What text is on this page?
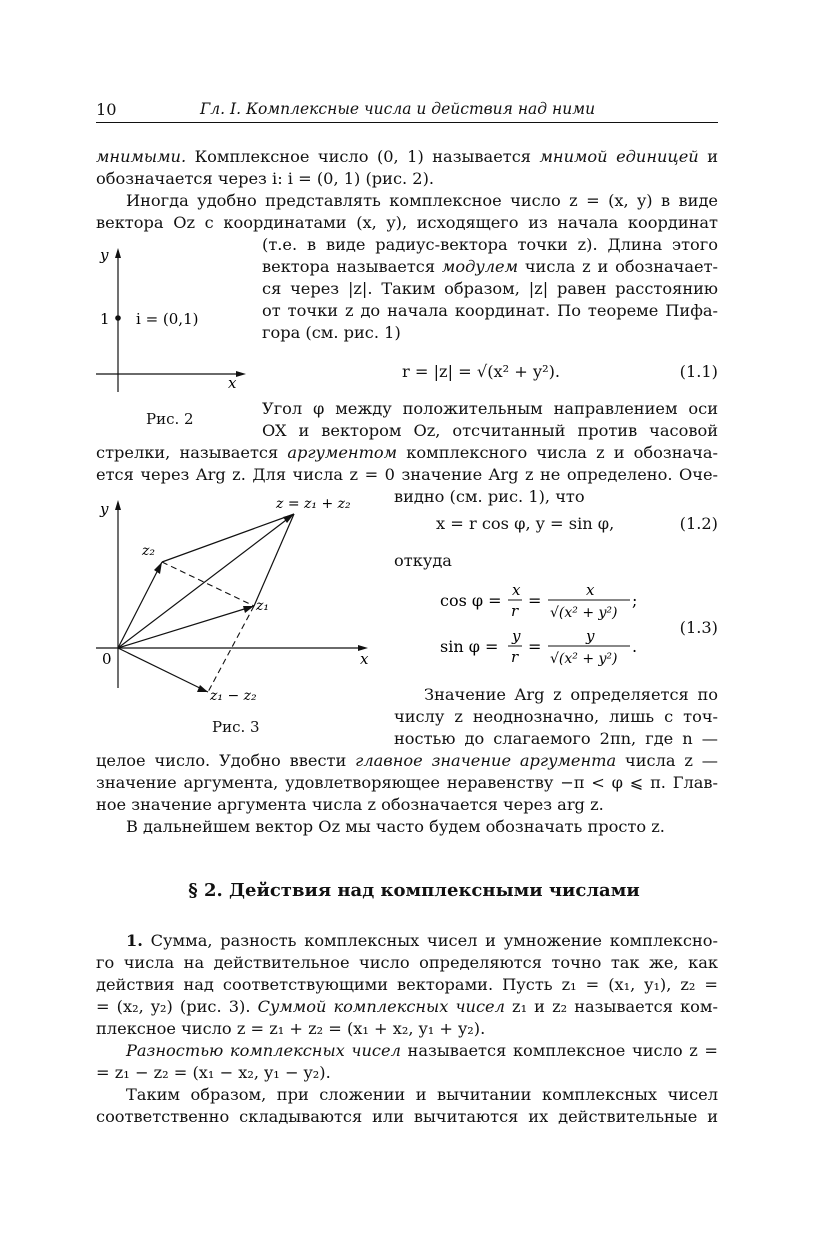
10	Гл. I. Комплексные числа и действия над ними
мнимыми. Комплексное число (0, 1) называется мнимой единицей и
обозначается через i: i = (0, 1) (рис. 2).
Иногда удобно представлять комплексное число z = (x, y) в виде
вектора Oz с координатами (x, y), исходящего из начала координат
(т.е. в виде радиус-вектора точки z). Длина этого
вектора называется модулем числа z и обозначает-
ся через |z|. Таким образом, |z| равен расстоянию
от точки z до начала координат. По теореме Пифа-
гора (см. рис. 1)
r = |z| = √(x² + y²).	(1.1)
y
x
1 i = (0,1)
Рис. 2
Угол φ между положительным направлением оси
OX и вектором Oz, отсчитанный против часовой
стрелки, называется аргументом комплексного числа z и обознача-
ется через Arg z. Для числа z = 0 значение Arg z не определено. Оче-
видно (см. рис. 1), что
x = r cos φ, y = sin φ,	(1.2)
откуда
cos φ =
x
r
=
x
√(x² + y²)
;
sin φ =
y
r
=
y
√(x² + y²)
.
(1.3)
y
x
0
z = z₁ + z₂
z₂
z₁
z₁ − z₂
Рис. 3
Значение Arg z определяется по
числу z неоднозначно, лишь с точ-
ностью до слагаемого 2πn, где n —
целое число. Удобно ввести главное значение аргумента числа z —
значение аргумента, удовлетворяющее неравенству −π < φ ⩽ π. Глав-
ное значение аргумента числа z обозначается через arg z.
В дальнейшем вектор Oz мы часто будем обозначать просто z.
§ 2. Действия над комплексными числами
1. Сумма, разность комплексных чисел и умножение комплексно-
го числа на действительное число определяются точно так же, как
действия над соответствующими векторами. Пусть z₁ = (x₁, y₁), z₂ =
= (x₂, y₂) (рис. 3). Суммой комплексных чисел z₁ и z₂ называется ком-
плексное число z = z₁ + z₂ = (x₁ + x₂, y₁ + y₂).
Разностью комплексных чисел называется комплексное число z =
= z₁ − z₂ = (x₁ − x₂, y₁ − y₂).
Таким образом, при сложении и вычитании комплексных чисел
соответственно складываются или вычитаются их действительные и
